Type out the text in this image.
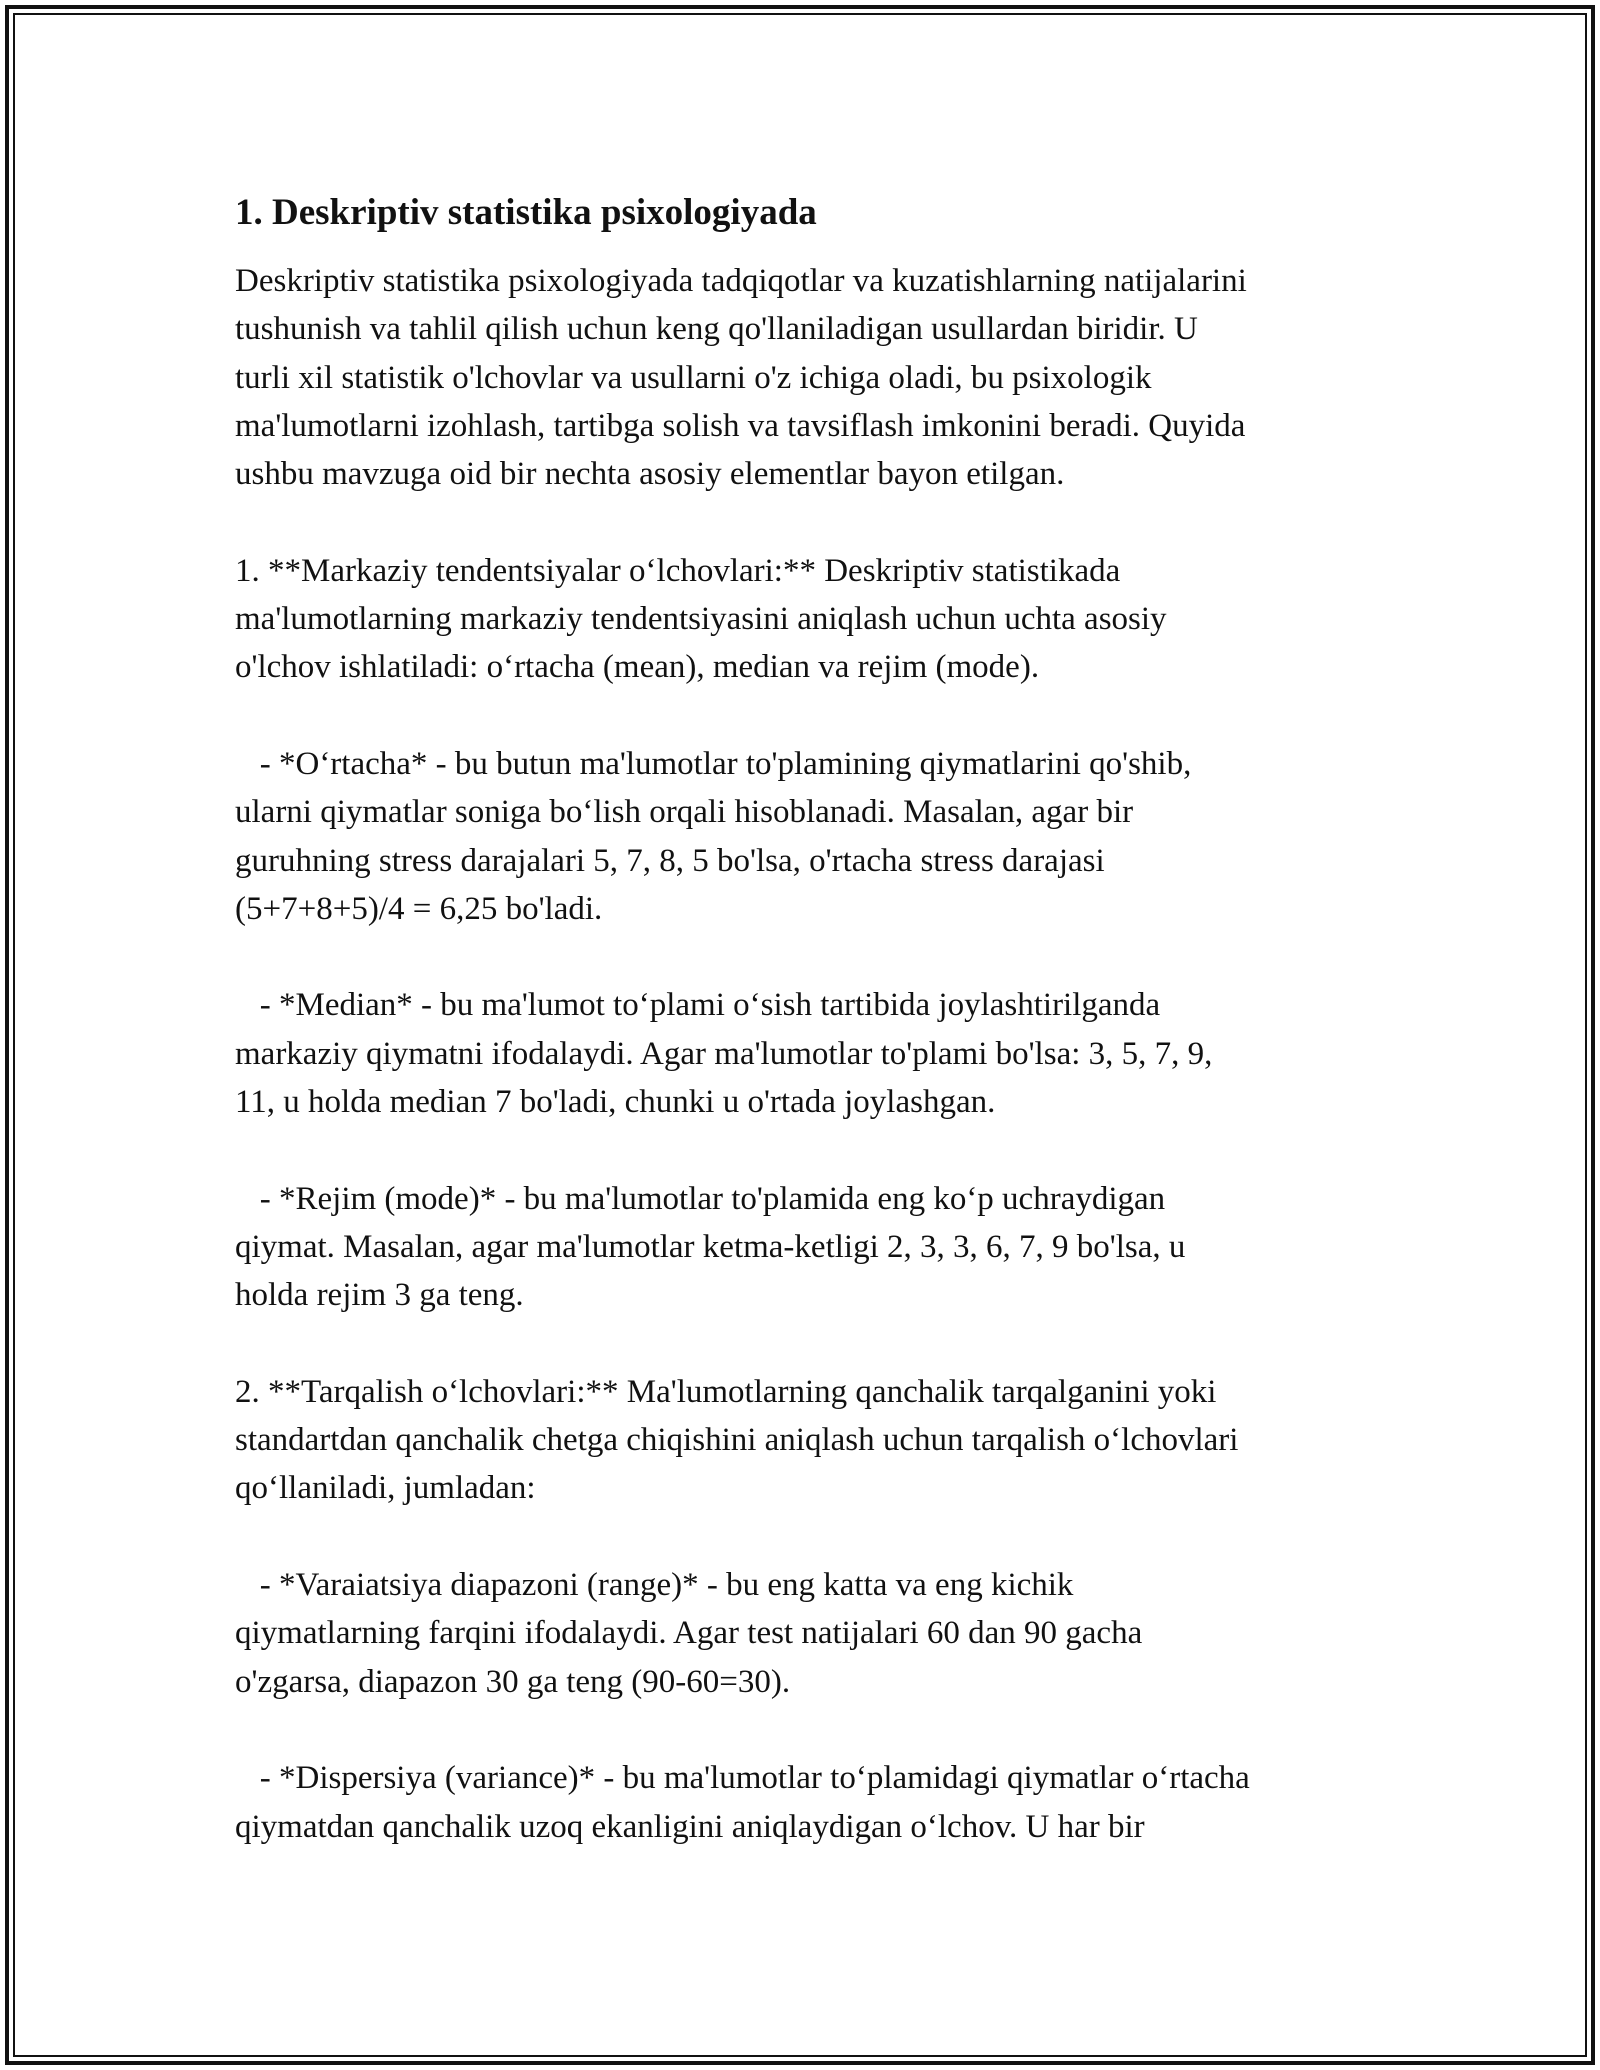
1. Deskriptiv statistika psixologiyada
Deskriptiv statistika psixologiyada tadqiqotlar va kuzatishlarning natijalarini
tushunish va tahlil qilish uchun keng qo'llaniladigan usullardan biridir. U
turli xil statistik o'lchovlar va usullarni o'z ichiga oladi, bu psixologik
ma'lumotlarni izohlash, tartibga solish va tavsiflash imkonini beradi. Quyida
ushbu mavzuga oid bir nechta asosiy elementlar bayon etilgan.
1. **Markaziy tendentsiyalar o‘lchovlari:** Deskriptiv statistikada
ma'lumotlarning markaziy tendentsiyasini aniqlash uchun uchta asosiy
o'lchov ishlatiladi: o‘rtacha (mean), median va rejim (mode).
- *O‘rtacha* - bu butun ma'lumotlar to'plamining qiymatlarini qo'shib,
ularni qiymatlar soniga bo‘lish orqali hisoblanadi. Masalan, agar bir
guruhning stress darajalari 5, 7, 8, 5 bo'lsa, o'rtacha stress darajasi
(5+7+8+5)/4 = 6,25 bo'ladi.
- *Median* - bu ma'lumot to‘plami o‘sish tartibida joylashtirilganda
markaziy qiymatni ifodalaydi. Agar ma'lumotlar to'plami bo'lsa: 3, 5, 7, 9,
11, u holda median 7 bo'ladi, chunki u o'rtada joylashgan.
- *Rejim (mode)* - bu ma'lumotlar to'plamida eng ko‘p uchraydigan
qiymat. Masalan, agar ma'lumotlar ketma-ketligi 2, 3, 3, 6, 7, 9 bo'lsa, u
holda rejim 3 ga teng.
2. **Tarqalish o‘lchovlari:** Ma'lumotlarning qanchalik tarqalganini yoki
standartdan qanchalik chetga chiqishini aniqlash uchun tarqalish o‘lchovlari
qo‘llaniladi, jumladan:
- *Varaiatsiya diapazoni (range)* - bu eng katta va eng kichik
qiymatlarning farqini ifodalaydi. Agar test natijalari 60 dan 90 gacha
o'zgarsa, diapazon 30 ga teng (90-60=30).
- *Dispersiya (variance)* - bu ma'lumotlar to‘plamidagi qiymatlar o‘rtacha
qiymatdan qanchalik uzoq ekanligini aniqlaydigan o‘lchov. U har bir
